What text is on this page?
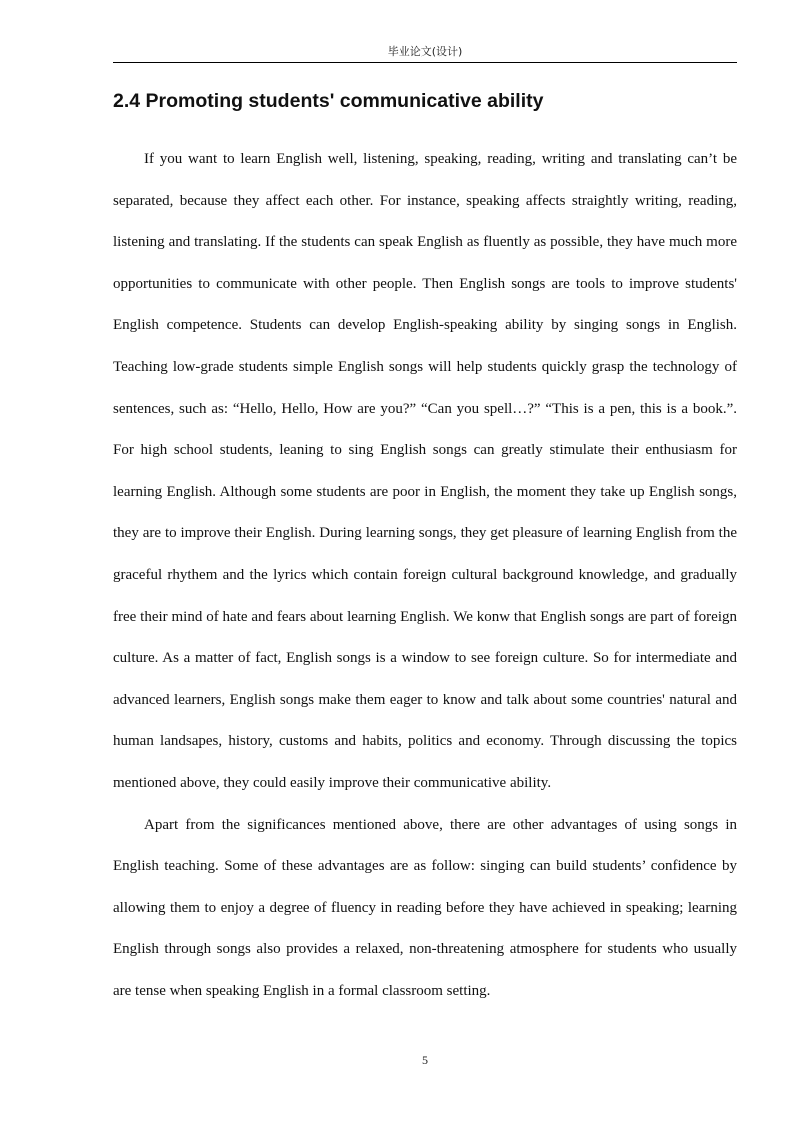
毕业论文(设计)
2.4 Promoting students' communicative ability

If you want to learn English well, listening, speaking, reading, writing and translating can’t be separated, because they affect each other. For instance, speaking affects straightly writing, reading, listening and translating. If the students can speak English as fluently as possible, they have much more opportunities to communicate with other people. Then English songs are tools to improve students' English competence. Students can develop English-speaking ability by singing songs in English. Teaching low-grade students simple English songs will help students quickly grasp the technology of sentences, such as: “Hello, Hello, How are you?” “Can you spell…?” “This is a pen, this is a book.”. For high school students, leaning to sing English songs can greatly stimulate their enthusiasm for learning English. Although some students are poor in English, the moment they take up English songs, they are to improve their English. During learning songs, they get pleasure of learning English from the graceful rhythem and the lyrics which contain foreign cultural background knowledge, and gradually free their mind of hate and fears about learning English. We konw that English songs are part of foreign culture. As a matter of fact, English songs is a window to see foreign culture. So for intermediate and advanced learners, English songs make them eager to know and talk about some countries' natural and human landsapes, history, customs and habits, politics and economy. Through discussing the topics mentioned above, they could easily improve their communicative ability.

Apart from the significances mentioned above, there are other advantages of using songs in English teaching. Some of these advantages are as follow: singing can build students’ confidence by allowing them to enjoy a degree of fluency in reading before they have achieved in speaking; learning English through songs also provides a relaxed, non-threatening atmosphere for students who usually are tense when speaking English in a formal classroom setting.

5
